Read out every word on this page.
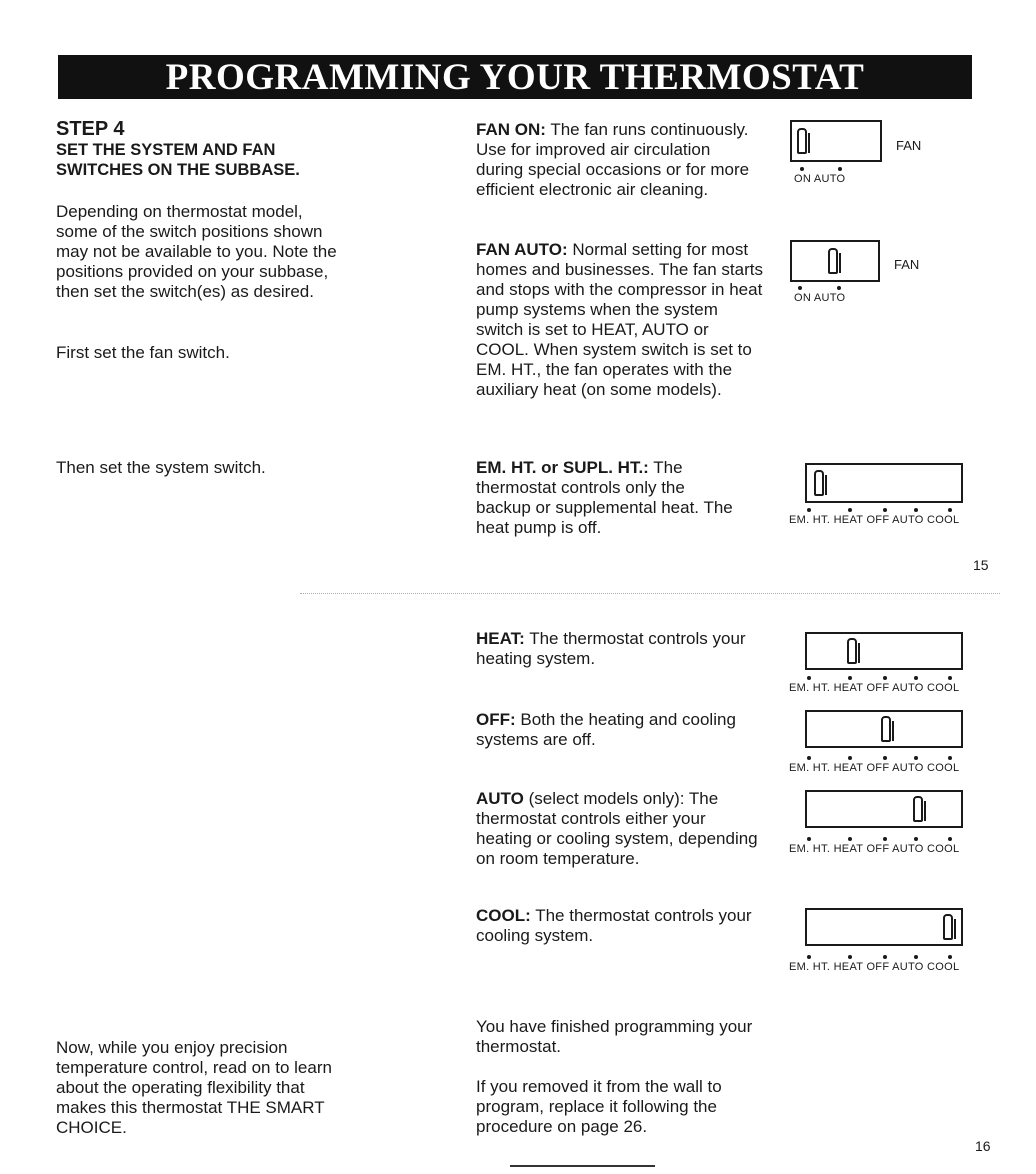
PROGRAMMING YOUR THERMOSTAT
STEP 4
SET THE SYSTEM AND FAN SWITCHES ON THE SUBBASE.
Depending on thermostat model, some of the switch positions shown may not be available to you. Note the positions provided on your subbase, then set the switch(es) as desired.
First set the fan switch.
Then set the system switch.
Now, while you enjoy precision temperature control, read on to learn about the operating flexibility that makes this thermostat THE SMART CHOICE.
FAN ON: The fan runs continuously. Use for improved air circulation during special occasions or for more efficient electronic air cleaning.
FAN AUTO: Normal setting for most homes and businesses. The fan starts and stops with the compressor in heat pump systems when the system switch is set to HEAT, AUTO or COOL. When system switch is set to EM. HT., the fan operates with the auxiliary heat (on some models).
EM. HT. or SUPL. HT.: The thermostat controls only the backup or supplemental heat. The heat pump is off.
HEAT: The thermostat controls your heating system.
OFF: Both the heating and cooling systems are off.
AUTO (select models only): The thermostat controls either your heating or cooling system, depending on room temperature.
COOL: The thermostat controls your cooling system.
You have finished programming your thermostat.
If you removed it from the wall to program, replace it following the procedure on page 26.
FAN
ON AUTO
FAN
ON AUTO
EM. HT. HEAT OFF AUTO COOL
15
EM. HT. HEAT OFF AUTO COOL
EM. HT. HEAT OFF AUTO COOL
EM. HT. HEAT OFF AUTO COOL
EM. HT. HEAT OFF AUTO COOL
16
